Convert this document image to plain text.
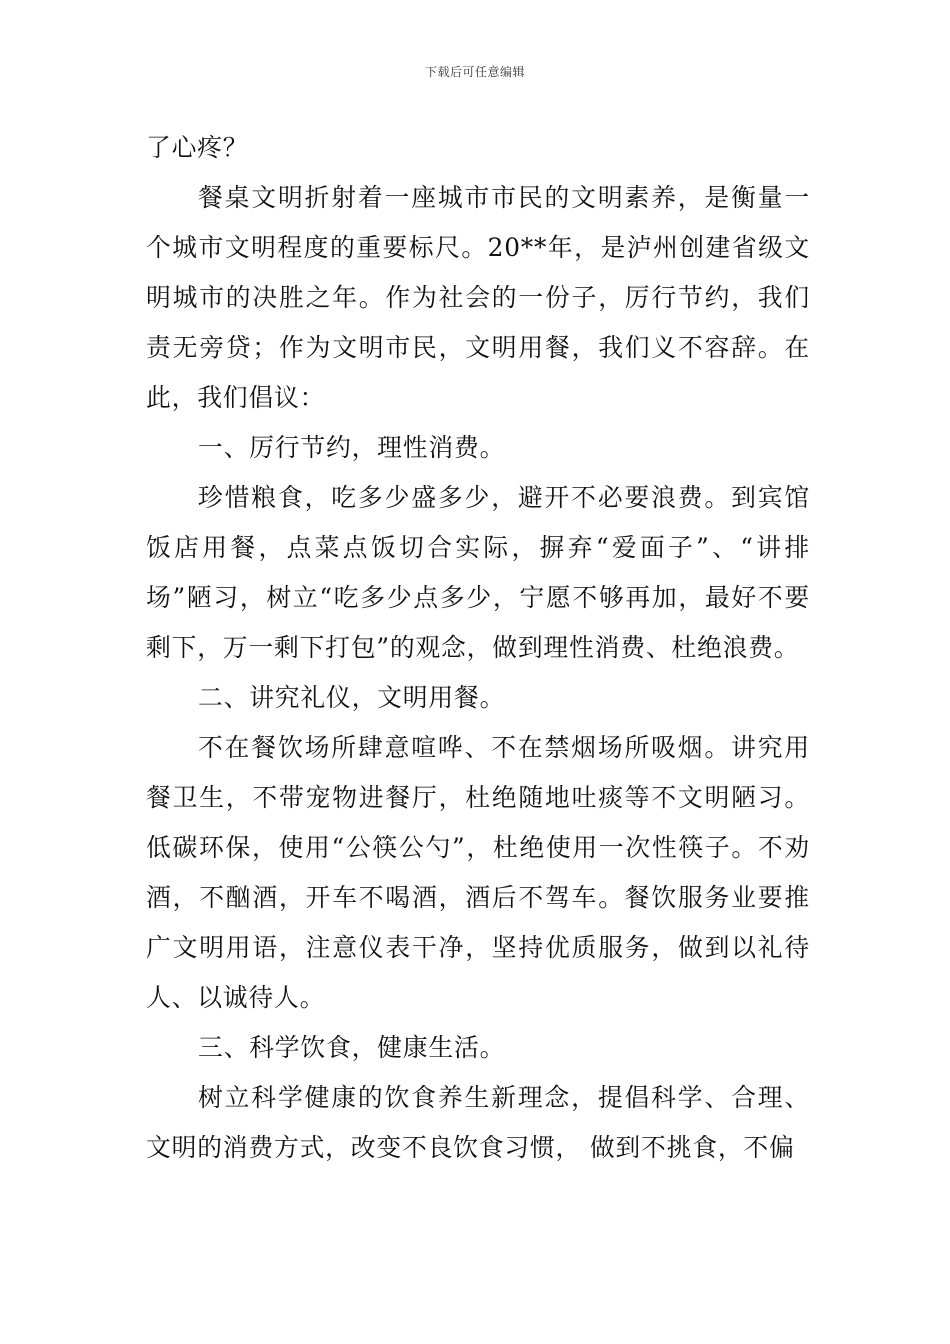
下载后可任意编辑

了心疼？

餐桌文明折射着一座城市市民的文明素养，是衡量一个城市文明程度的重要标尺。20**年，是泸州创建省级文明城市的决胜之年。作为社会的一份子，厉行节约，我们责无旁贷；作为文明市民，文明用餐，我们义不容辞。在此，我们倡议：

一、厉行节约，理性消费。

珍惜粮食，吃多少盛多少，避开不必要浪费。到宾馆饭店用餐，点菜点饭切合实际，摒弃“爱面子”、“讲排场”陋习，树立“吃多少点多少，宁愿不够再加，最好不要剩下，万一剩下打包”的观念，做到理性消费、杜绝浪费。

二、讲究礼仪，文明用餐。

不在餐饮场所肆意喧哗、不在禁烟场所吸烟。讲究用餐卫生，不带宠物进餐厅，杜绝随地吐痰等不文明陋习。低碳环保，使用“公筷公勺”，杜绝使用一次性筷子。不劝酒，不酗酒，开车不喝酒，酒后不驾车。餐饮服务业要推广文明用语，注意仪表干净，坚持优质服务，做到以礼待人、以诚待人。

三、科学饮食，健康生活。

树立科学健康的饮食养生新理念，提倡科学、合理、文明的消费方式，改变不良饮食习惯， 做到不挑食，不偏
